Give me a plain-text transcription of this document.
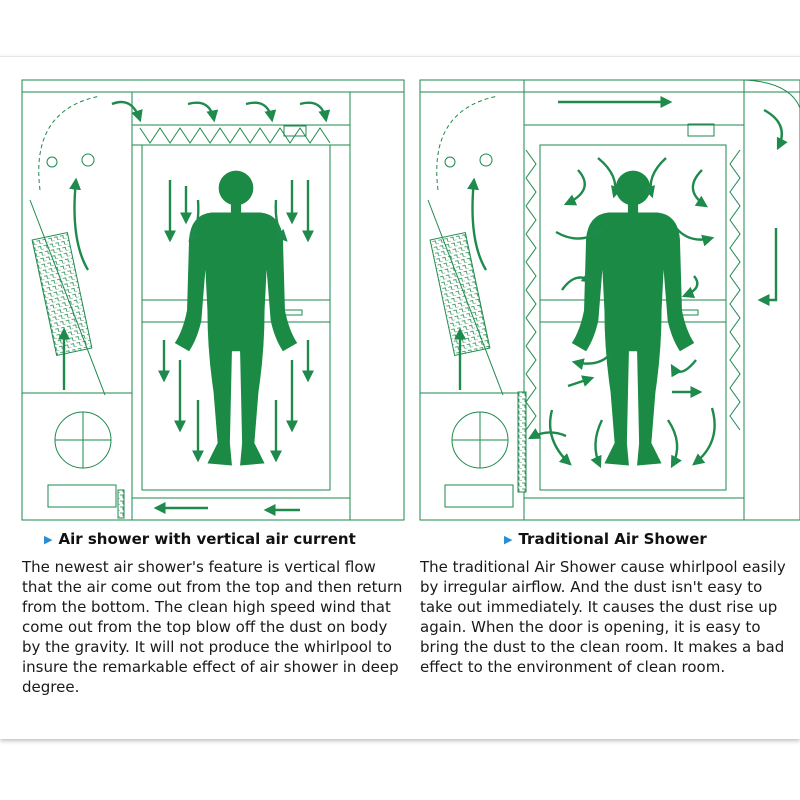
▶ Air shower with vertical air current	▶ Traditional Air Shower
The newest air shower's feature is vertical flow that the air come out from the top and then return from the bottom. The clean high speed wind that come out from the top blow off the dust on body by the gravity. It will not produce the whirlpool to insure the remarkable effect of air shower in deep degree.
The traditional Air Shower cause whirlpool easily by irregular airflow. And the dust isn't easy to take out immediately. It causes the dust rise up again. When the door is opening, it is easy to bring the dust to the clean room. It makes a bad effect to the environment of clean room.
